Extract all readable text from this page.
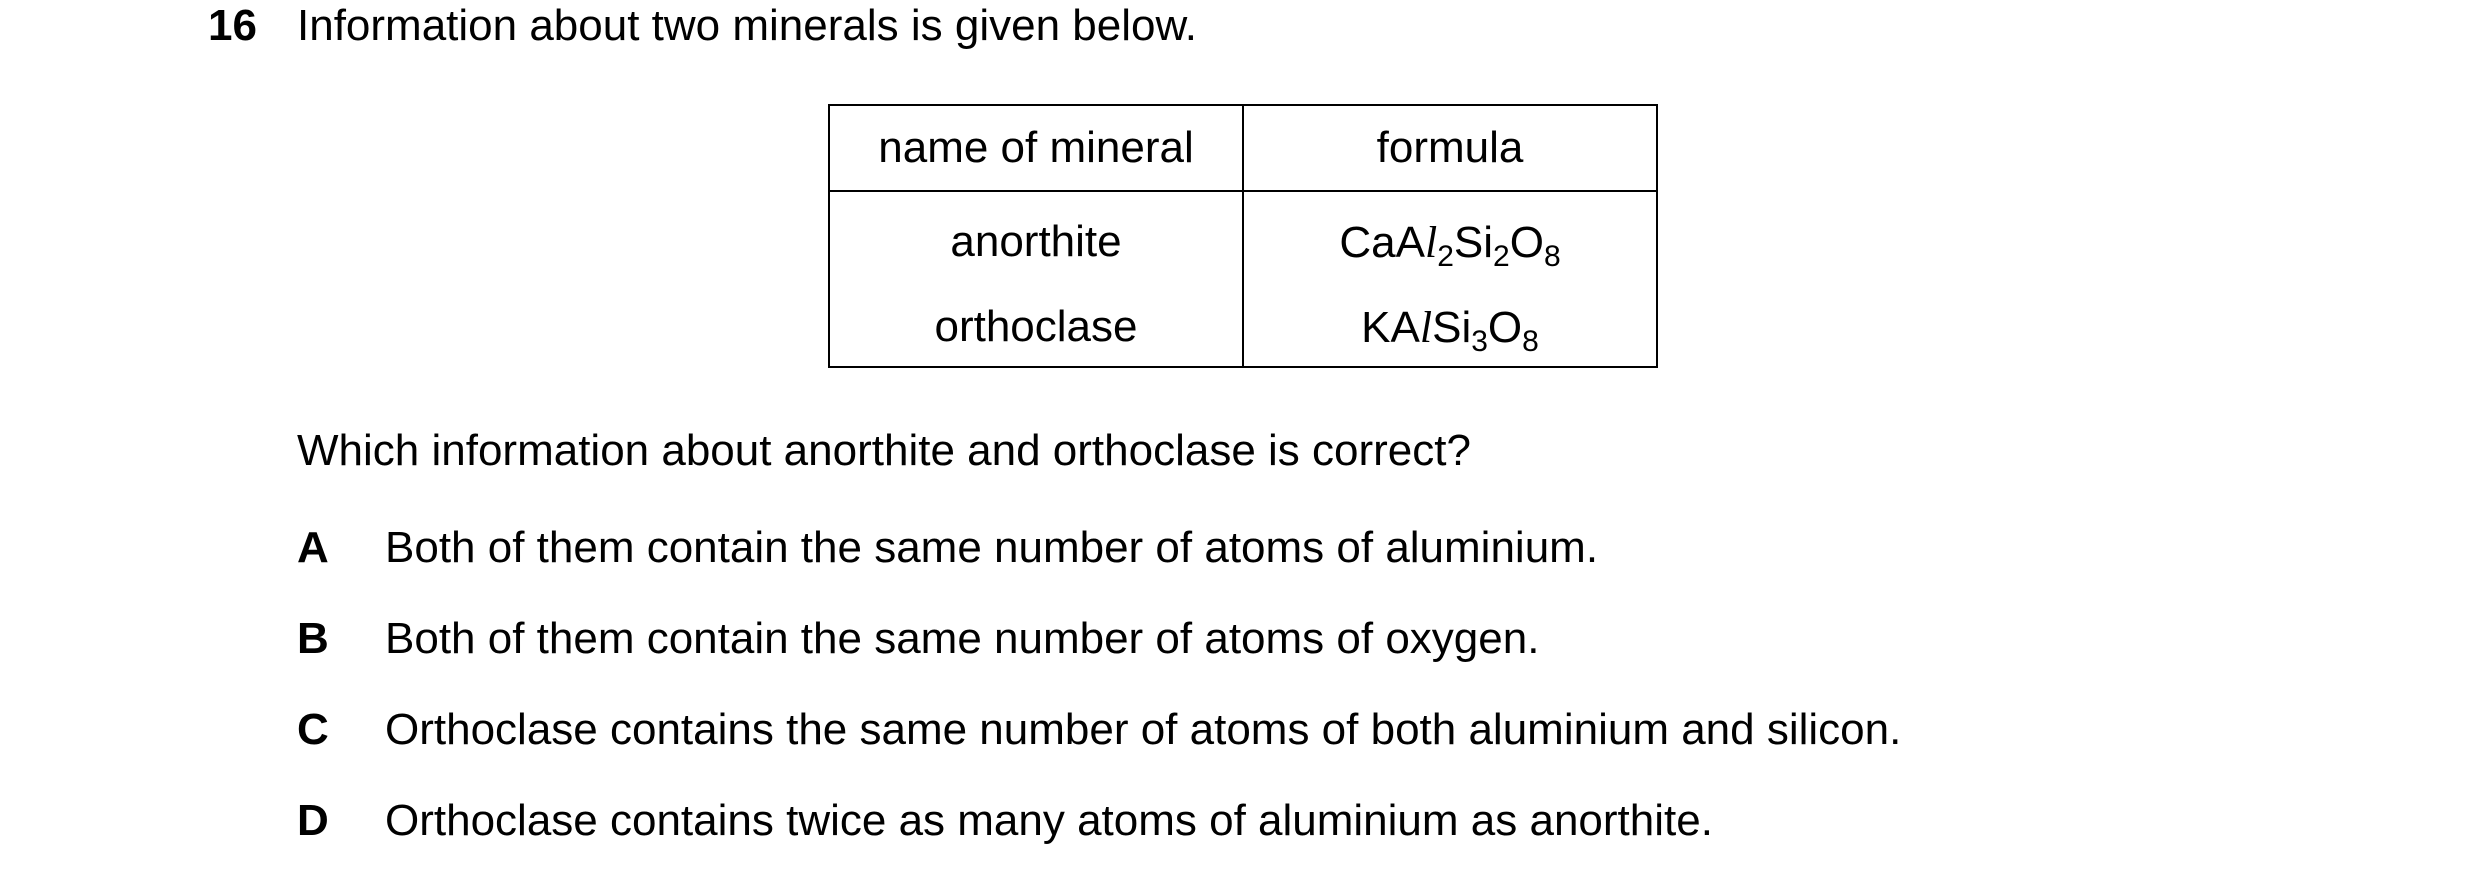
16 Information about two minerals is given below.
name of mineral	formula
anorthite	$CaAl_2Si_2O_8$
orthoclase	$KAlSi_3O_8$
Which information about anorthite and orthoclase is correct?
A Both of them contain the same number of atoms of aluminium.
B Both of them contain the same number of atoms of oxygen.
C Orthoclase contains the same number of atoms of both aluminium and silicon.
D Orthoclase contains twice as many atoms of aluminium as anorthite.
